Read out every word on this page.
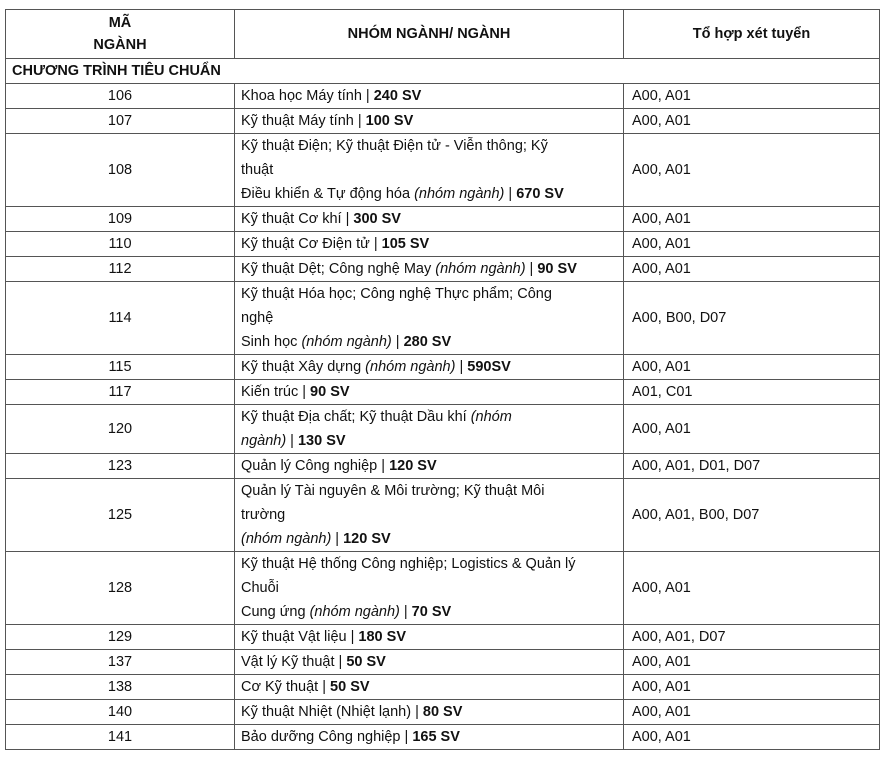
MÃ
NGÀNH	NHÓM NGÀNH/ NGÀNH	Tổ hợp xét tuyển
CHƯƠNG TRÌNH TIÊU CHUẨN		
106	Khoa học Máy tính | 240 SV	A00, A01
107	Kỹ thuật Máy tính | 100 SV	A00, A01
108	Kỹ thuật Điện; Kỹ thuật Điện tử - Viễn thông; Kỹ
thuật
Điều khiển & Tự động hóa (nhóm ngành) | 670 SV	A00, A01
109	Kỹ thuật Cơ khí | 300 SV	A00, A01
110	Kỹ thuật Cơ Điện tử | 105 SV	A00, A01
112	Kỹ thuật Dệt; Công nghệ May (nhóm ngành) | 90 SV	A00, A01
114	Kỹ thuật Hóa học; Công nghệ Thực phẩm; Công
nghệ
Sinh học (nhóm ngành) | 280 SV	A00, B00, D07
115	Kỹ thuật Xây dựng (nhóm ngành) | 590SV	A00, A01
117	Kiến trúc | 90 SV	A01, C01
120	Kỹ thuật Địa chất; Kỹ thuật Dầu khí (nhóm
ngành) | 130 SV	A00, A01
123	Quản lý Công nghiệp | 120 SV	A00, A01, D01, D07
125	Quản lý Tài nguyên & Môi trường; Kỹ thuật Môi
trường
(nhóm ngành) | 120 SV	A00, A01, B00, D07
128	Kỹ thuật Hệ thống Công nghiệp; Logistics & Quản lý
Chuỗi
Cung ứng (nhóm ngành) | 70 SV	A00, A01
129	Kỹ thuật Vật liệu | 180 SV	A00, A01, D07
137	Vật lý Kỹ thuật | 50 SV	A00, A01
138	Cơ Kỹ thuật | 50 SV	A00, A01
140	Kỹ thuật Nhiệt (Nhiệt lạnh) | 80 SV	A00, A01
141	Bảo dưỡng Công nghiệp | 165 SV	A00, A01
